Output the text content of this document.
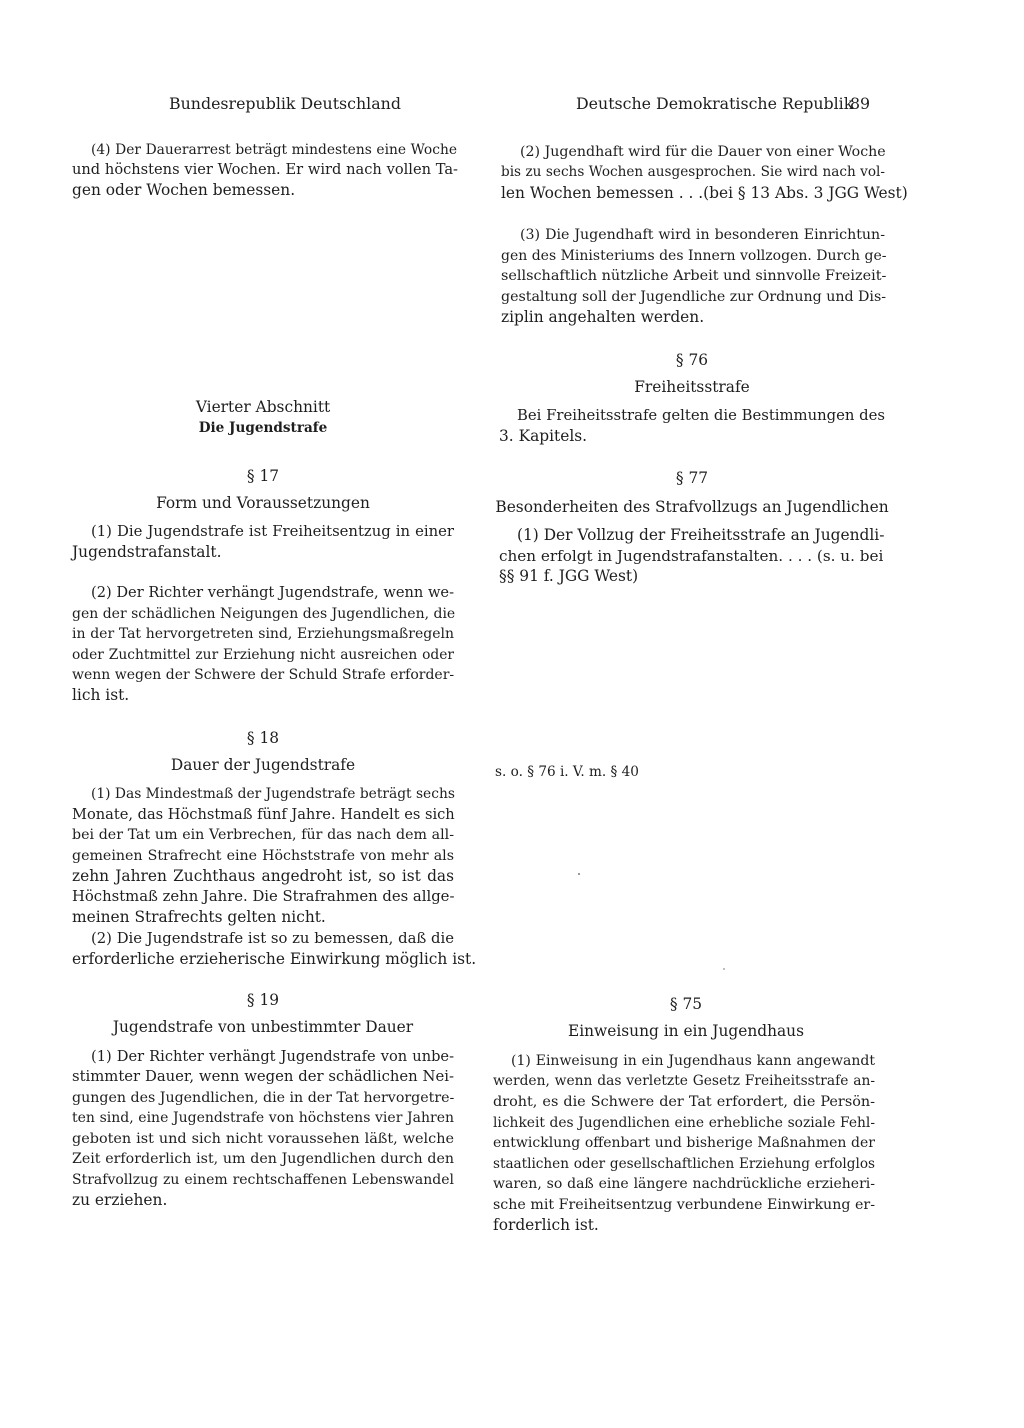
Bundesrepublik Deutschland	Deutsche Demokratische Republik
89
(4) Der Dauerarrest beträgt mindestens eine Woche
und höchstens vier Wochen. Er wird nach vollen Ta-
gen oder Wochen bemessen.
Vierter Abschnitt
Die Jugendstrafe
§ 17
Form und Voraussetzungen
(1) Die Jugendstrafe ist Freiheitsentzug in einer
Jugendstrafanstalt.
(2) Der Richter verhängt Jugendstrafe, wenn we-
gen der schädlichen Neigungen des Jugendlichen, die
in der Tat hervorgetreten sind, Erziehungsmaßregeln
oder Zuchtmittel zur Erziehung nicht ausreichen oder
wenn wegen der Schwere der Schuld Strafe erforder-
lich ist.
§ 18
Dauer der Jugendstrafe
(1) Das Mindestmaß der Jugendstrafe beträgt sechs
Monate, das Höchstmaß fünf Jahre. Handelt es sich
bei der Tat um ein Verbrechen, für das nach dem all-
gemeinen Strafrecht eine Höchststrafe von mehr als
zehn Jahren Zuchthaus angedroht ist, so ist das
Höchstmaß zehn Jahre. Die Strafrahmen des allge-
meinen Strafrechts gelten nicht.
(2) Die Jugendstrafe ist so zu bemessen, daß die
erforderliche erzieherische Einwirkung möglich ist.
§ 19
Jugendstrafe von unbestimmter Dauer
(1) Der Richter verhängt Jugendstrafe von unbe-
stimmter Dauer, wenn wegen der schädlichen Nei-
gungen des Jugendlichen, die in der Tat hervorgetre-
ten sind, eine Jugendstrafe von höchstens vier Jahren
geboten ist und sich nicht voraussehen läßt, welche
Zeit erforderlich ist, um den Jugendlichen durch den
Strafvollzug zu einem rechtschaffenen Lebenswandel
zu erziehen.
(2) Jugendhaft wird für die Dauer von einer Woche
bis zu sechs Wochen ausgesprochen. Sie wird nach vol-
len Wochen bemessen . . .(bei § 13 Abs. 3 JGG West)
(3) Die Jugendhaft wird in besonderen Einrichtun-
gen des Ministeriums des Innern vollzogen. Durch ge-
sellschaftlich nützliche Arbeit und sinnvolle Freizeit-
gestaltung soll der Jugendliche zur Ordnung und Dis-
ziplin angehalten werden.
§ 76
Freiheitsstrafe
Bei Freiheitsstrafe gelten die Bestimmungen des
3. Kapitels.
§ 77
Besonderheiten des Strafvollzugs an Jugendlichen
(1) Der Vollzug der Freiheitsstrafe an Jugendli-
chen erfolgt in Jugendstrafanstalten. . . . (s. u. bei
§§ 91 f. JGG West)
s. o. § 76 i. V. m. § 40
§ 75
Einweisung in ein Jugendhaus
(1) Einweisung in ein Jugendhaus kann angewandt
werden, wenn das verletzte Gesetz Freiheitsstrafe an-
droht, es die Schwere der Tat erfordert, die Persön-
lichkeit des Jugendlichen eine erhebliche soziale Fehl-
entwicklung offenbart und bisherige Maßnahmen der
staatlichen oder gesellschaftlichen Erziehung erfolglos
waren, so daß eine längere nachdrückliche erzieheri-
sche mit Freiheitsentzug verbundene Einwirkung er-
forderlich ist.
